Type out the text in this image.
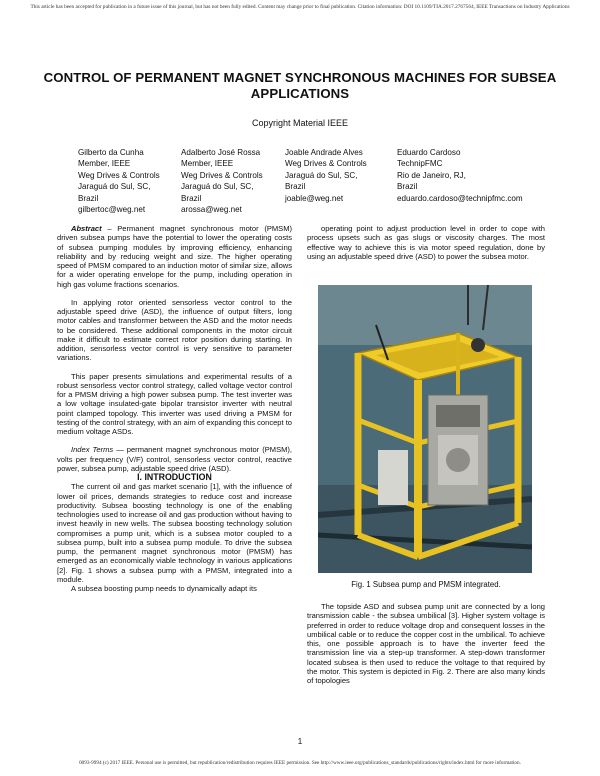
This article has been accepted for publication in a future issue of this journal, but has not been fully edited. Content may change prior to final publication. Citation information: DOI 10.1109/TIA.2017.2767564, IEEE Transactions on Industry Applications
CONTROL OF PERMANENT MAGNET SYNCHRONOUS MACHINES FOR SUBSEA APPLICATIONS
Copyright Material IEEE
Gilberto da Cunha
Member, IEEE
Weg Drives & Controls
Jaraguá do Sul, SC,
Brazil
gilbertoc@weg.net
Adalberto José Rossa
Member, IEEE
Weg Drives & Controls
Jaraguá do Sul, SC,
Brazil
arossa@weg.net
Joable Andrade Alves
Weg Drives & Controls
Jaraguá do Sul, SC,
Brazil
joable@weg.net
Eduardo Cardoso
TechnipFMC
Rio de Janeiro, RJ,
Brazil
eduardo.cardoso@technipfmc.com

Abstract – Permanent magnet synchronous motor (PMSM) driven subsea pumps have the potential to lower the operating costs of subsea pumping modules by improving efficiency, enhancing reliability and by reducing weight and size. The higher operating speed of PMSM compared to an induction motor of similar size, allows for a wider operating envelope for the pump, including operation in high gas volume fractions scenarios.

In applying rotor oriented sensorless vector control to the adjustable speed drive (ASD), the influence of output filters, long motor cables and transformer between the ASD and the motor needs to be considered. These additional components in the motor circuit make it difficult to estimate correct rotor position during starting. In addition, sensorless vector control is very sensitive to parameter variations.

This paper presents simulations and experimental results of a robust sensorless vector control strategy, called voltage vector control for a PMSM driving a high power subsea pump. The test inverter was a low voltage insulated-gate bipolar transistor inverter with neutral point clamped topology. This inverter was used driving a PMSM for testing of the control strategy, with an aim of expanding this concept to medium voltage ASDs.

Index Terms — permanent magnet synchronous motor (PMSM), volts per frequency (V/F) control, sensorless vector control, reactive power, subsea pump, adjustable speed drive (ASD).

I. INTRODUCTION

The current oil and gas market scenario [1], with the influence of lower oil prices, demands strategies to reduce cost and increase productivity. Subsea boosting technology is one of the enabling technologies used to increase oil and gas production without having to invest heavily in new wells. The subsea boosting technology solution compromises a pump unit, which is a subsea motor coupled to a subsea pump, built into a subsea pump module. To drive the subsea pump, the permanent magnet synchronous motor (PMSM) has emerged as an economically viable technology in various applications [2]. Fig. 1 shows a subsea pump with a PMSM, integrated into a module.

A subsea boosting pump needs to dynamically adapt its

operating point to adjust production level in order to cope with process upsets such as gas slugs or viscosity charges. The most effective way to achieve this is via motor speed regulation, done by using an adjustable speed drive (ASD) to power the subsea motor.

Fig. 1 Subsea pump and PMSM integrated.

The topside ASD and subsea pump unit are connected by a long transmission cable - the subsea umbilical [3]. Higher system voltage is preferred in order to reduce voltage drop and consequent losses in the umbilical cable or to reduce the copper cost in the umbilical. To achieve this, one possible approach is to have the inverter feed the transmission line via a step-up transformer. A step-down transformer located subsea is then used to reduce the voltage to that required by the motor. This system is depicted in Fig. 2. There are also many kinds of topologies

1
0093-9994 (c) 2017 IEEE. Personal use is permitted, but republication/redistribution requires IEEE permission. See http://www.ieee.org/publications_standards/publications/rights/index.html for more information.
